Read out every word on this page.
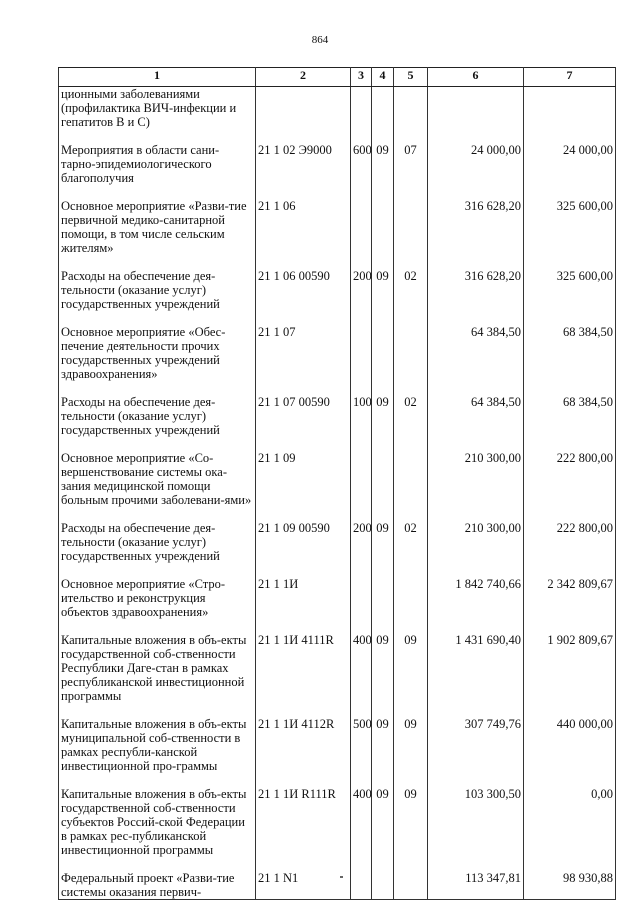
864
1	2	3	4	5	6	7
ционными заболеваниями (профилактика ВИЧ-инфекции и гепатитов В и С)						

Мероприятия в области сани-тарно-эпидемиологического благополучия	21 1 02 Э9000	600	09	07	24 000,00	24 000,00

Основное мероприятие «Разви-тие первичной медико-санитарной помощи, в том числе сельским жителям»	21 1 06				316 628,20	325 600,00

Расходы на обеспечение дея-тельности (оказание услуг) государственных учреждений	21 1 06 00590	200	09	02	316 628,20	325 600,00

Основное мероприятие «Обес-печение деятельности прочих государственных учреждений здравоохранения»	21 1 07				64 384,50	68 384,50

Расходы на обеспечение дея-тельности (оказание услуг) государственных учреждений	21 1 07 00590	100	09	02	64 384,50	68 384,50

Основное мероприятие «Со-вершенствование системы ока-зания медицинской помощи больным прочими заболевани-ями»	21 1 09				210 300,00	222 800,00

Расходы на обеспечение дея-тельности (оказание услуг) государственных учреждений	21 1 09 00590	200	09	02	210 300,00	222 800,00

Основное мероприятие «Стро-ительство и реконструкция объектов здравоохранения»	21 1 1И				1 842 740,66	2 342 809,67

Капитальные вложения в объ-екты государственной соб-ственности Республики Даге-стан в рамках республиканской инвестиционной программы	21 1 1И 4111R	400	09	09	1 431 690,40	1 902 809,67

Капитальные вложения в объ-екты муниципальной соб-ственности в рамках республи-канской инвестиционной про-граммы	21 1 1И 4112R	500	09	09	307 749,76	440 000,00

Капитальные вложения в объ-екты государственной соб-ственности субъектов Россий-ской Федерации в рамках рес-публиканской инвестиционной программы	21 1 1И R111R	400	09	09	103 300,50	0,00

Федеральный проект «Разви-тие системы оказания первич-	21 1 N1				113 347,81	98 930,88
